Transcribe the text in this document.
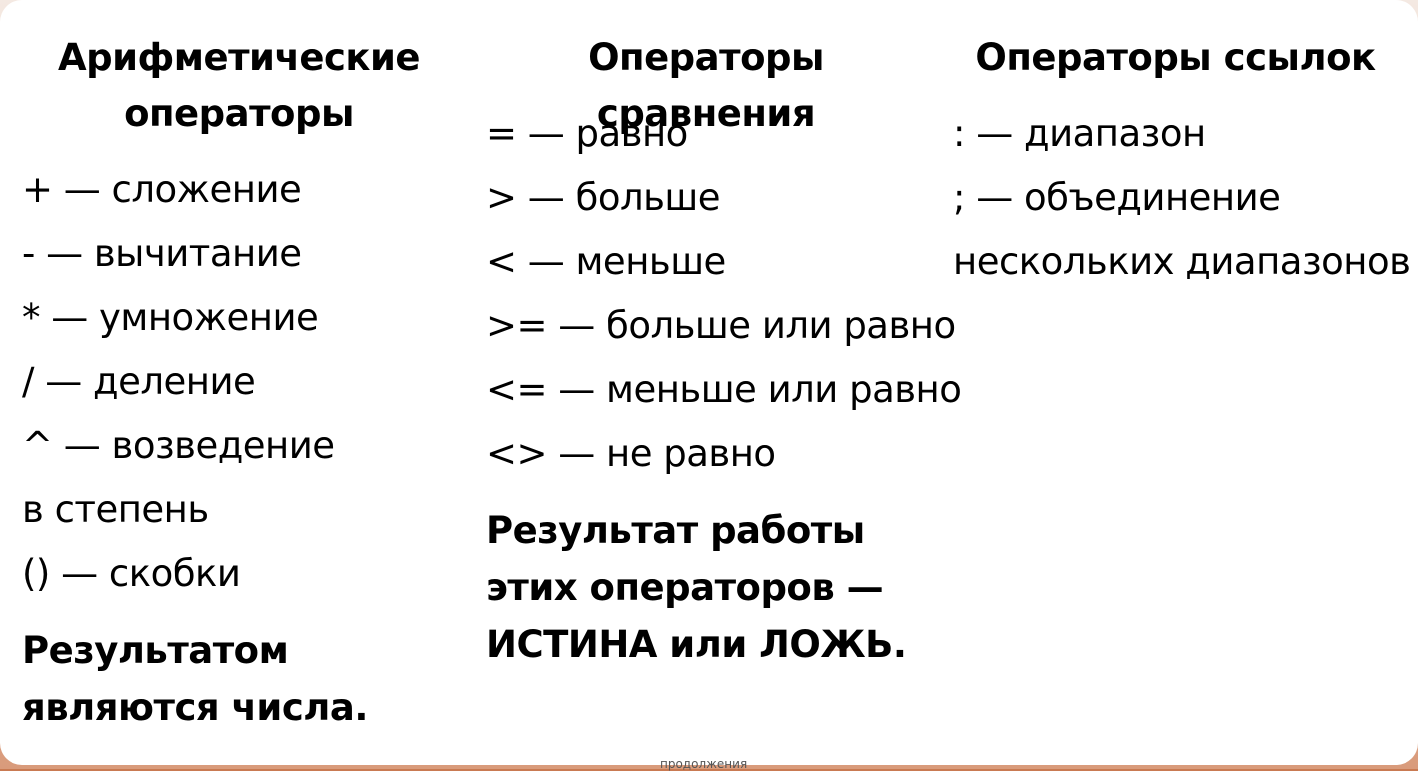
Арифметические операторы
+ — сложение
- — вычитание
* — умножение
/ — деление
^ — возведение
в степень
() — скобки
Результатом являются числа.
Операторы сравнения
= — равно
> — больше
< — меньше
>= — больше или равно
<= — меньше или равно
<> — не равно
Результат работы этих операторов — ИСТИНА или ЛОЖЬ.
Операторы ссылок
: — диапазон
; — объединение
нескольких диапазонов
продолжения
